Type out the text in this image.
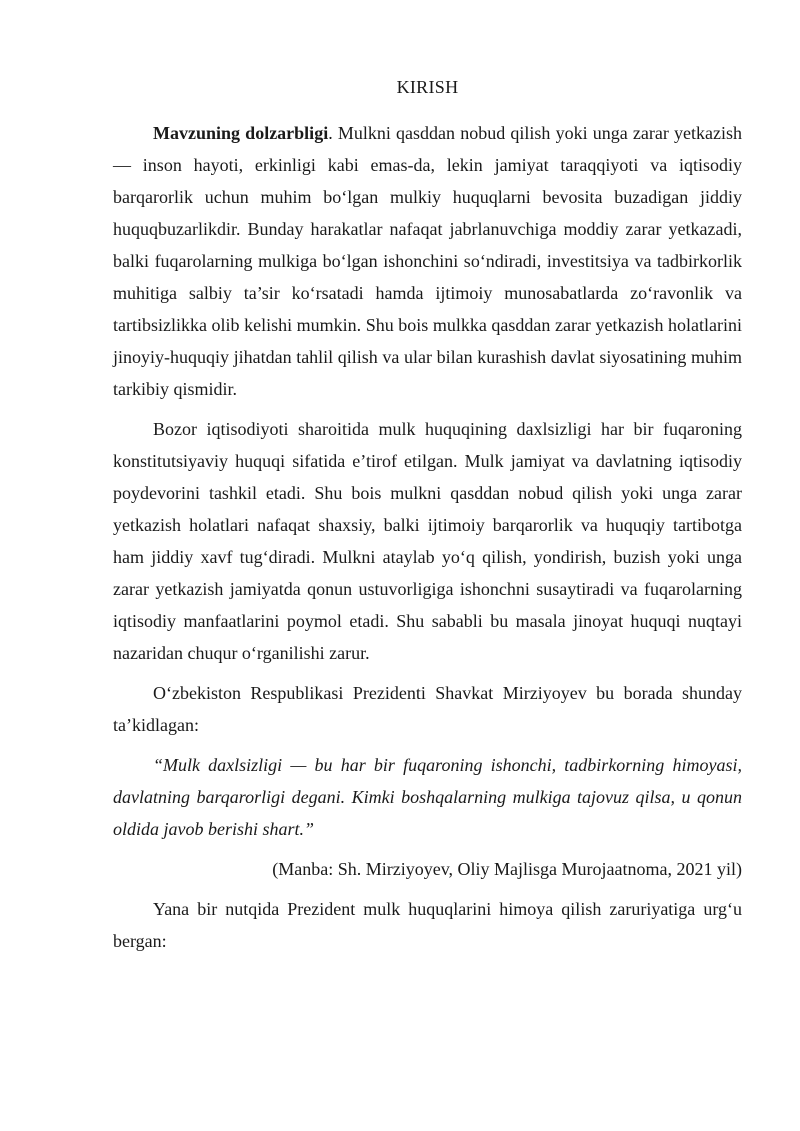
KIRISH

Mavzuning dolzarbligi. Mulkni qasddan nobud qilish yoki unga zarar yetkazish — inson hayoti, erkinligi kabi emas-da, lekin jamiyat taraqqiyoti va iqtisodiy barqarorlik uchun muhim bo‘lgan mulkiy huquqlarni bevosita buzadigan jiddiy huquqbuzarlikdir. Bunday harakatlar nafaqat jabrlanuvchiga moddiy zarar yetkazadi, balki fuqarolarning mulkiga bo‘lgan ishonchini so‘ndiradi, investitsiya va tadbirkorlik muhitiga salbiy ta’sir ko‘rsatadi hamda ijtimoiy munosabatlarda zo‘ravonlik va tartibsizlikka olib kelishi mumkin. Shu bois mulkka qasddan zarar yetkazish holatlarini jinoyiy-huquqiy jihatdan tahlil qilish va ular bilan kurashish davlat siyosatining muhim tarkibiy qismidir.

Bozor iqtisodiyoti sharoitida mulk huquqining daxlsizligi har bir fuqaroning konstitutsiyaviy huquqi sifatida e’tirof etilgan. Mulk jamiyat va davlatning iqtisodiy poydevorini tashkil etadi. Shu bois mulkni qasddan nobud qilish yoki unga zarar yetkazish holatlari nafaqat shaxsiy, balki ijtimoiy barqarorlik va huquqiy tartibotga ham jiddiy xavf tug‘diradi. Mulkni ataylab yo‘q qilish, yondirish, buzish yoki unga zarar yetkazish jamiyatda qonun ustuvorligiga ishonchni susaytiradi va fuqarolarning iqtisodiy manfaatlarini poymol etadi. Shu sababli bu masala jinoyat huquqi nuqtayi nazaridan chuqur o‘rganilishi zarur.

O‘zbekiston Respublikasi Prezidenti Shavkat Mirziyoyev bu borada shunday ta’kidlagan:

“Mulk daxlsizligi — bu har bir fuqaroning ishonchi, tadbirkorning himoyasi, davlatning barqarorligi degani. Kimki boshqalarning mulkiga tajovuz qilsa, u qonun oldida javob berishi shart.”

(Manba: Sh. Mirziyoyev, Oliy Majlisga Murojaatnoma, 2021 yil)

Yana bir nutqida Prezident mulk huquqlarini himoya qilish zaruriyatiga urg‘u bergan:
